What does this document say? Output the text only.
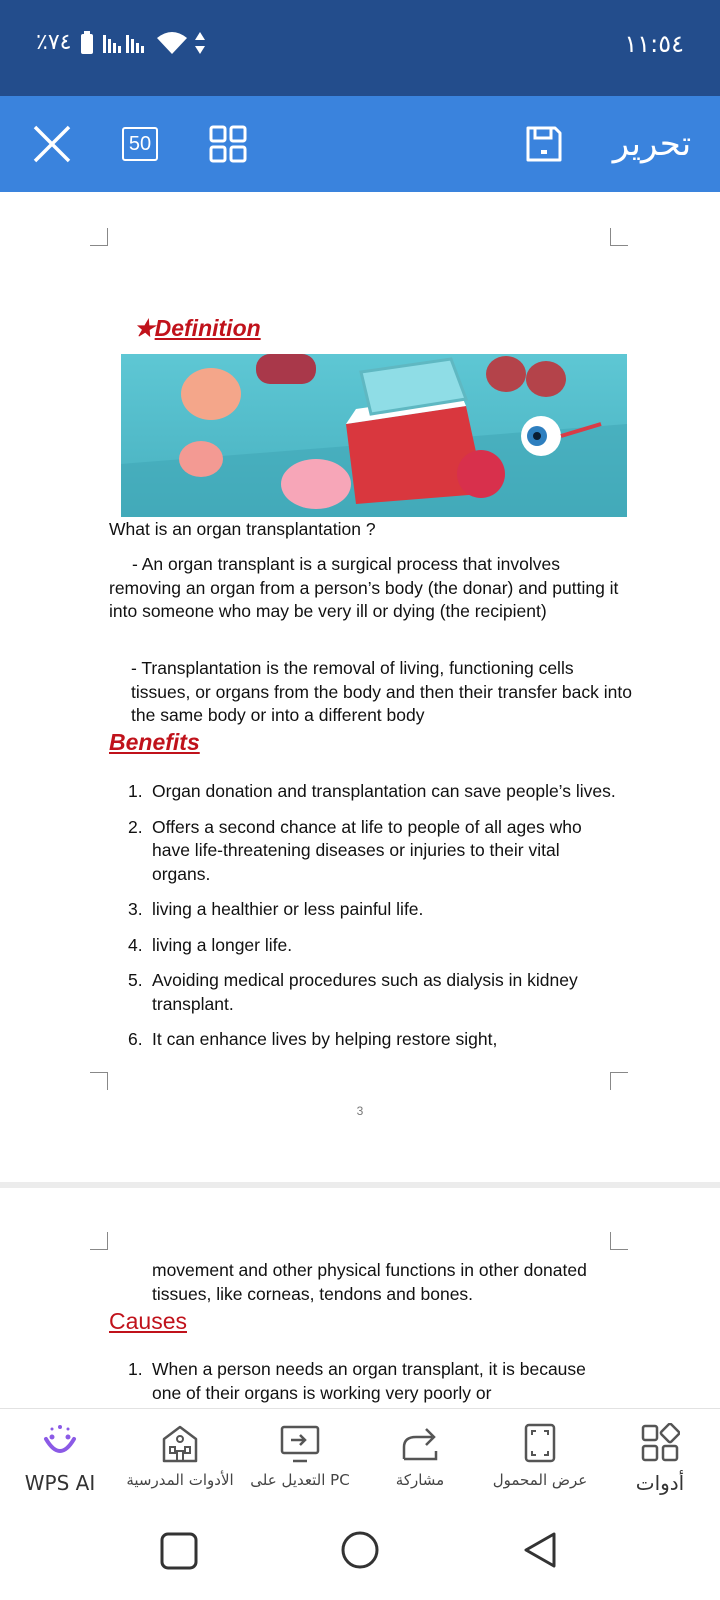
٪٧٤	١١:٥٤
50	تحرير
★Definition
What is an organ transplantation ?
- An organ transplant is a surgical process that involves removing an organ from a person’s body (the donar) and putting it into someone who may be very ill or dying (the recipient)
- Transplantation is the removal of living, functioning cells tissues, or organs from the body and then their transfer back into the same body or into a different body
Benefits
1. Organ donation and transplantation can save people’s lives.
2. Offers a second chance at life to people of all ages who have life-threatening diseases or injuries to their vital organs.
3. living a healthier or less painful life.
4. living a longer life.
5. Avoiding medical procedures such as dialysis in kidney transplant.
6. It can enhance lives by helping restore sight,
3
movement and other physical functions in other donated tissues, like corneas, tendons and bones.
Causes
1. When a person needs an organ transplant, it is because one of their organs is working very poorly or
WPS AI الأدوات المدرسية التعديل على PC	مشاركة	عرض المحمول أدوات
